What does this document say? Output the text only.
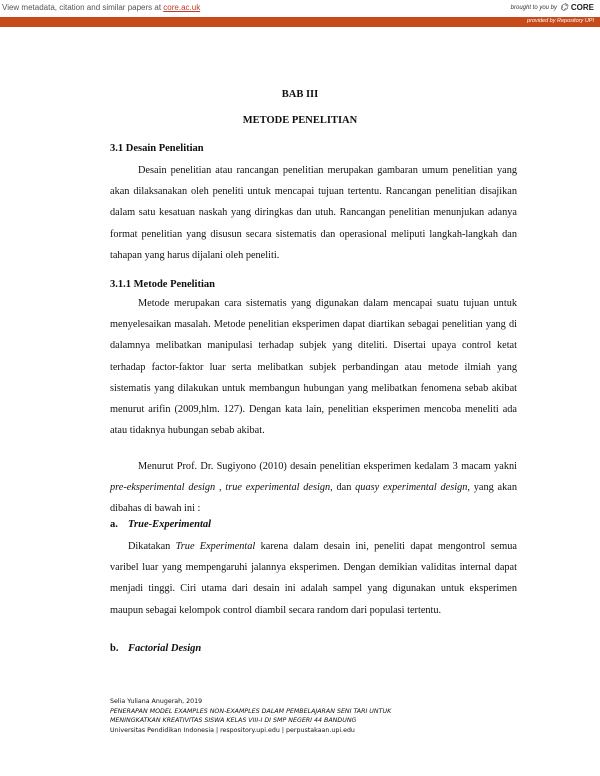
View metadata, citation and similar papers at core.ac.uk	brought to you by ⌬ CORE
provided by Repository UPI
BAB III
METODE PENELITIAN
3.1 Desain Penelitian
Desain penelitian atau rancangan penelitian merupakan gambaran umum penelitian yang akan dilaksanakan oleh peneliti untuk mencapai tujuan tertentu. Rancangan penelitian disajikan dalam satu kesatuan naskah yang diringkas dan utuh. Rancangan penelitian menunjukan adanya format penelitian yang disusun secara sistematis dan operasional meliputi langkah-langkah dan tahapan yang harus dijalani oleh peneliti.
3.1.1 Metode Penelitian
Metode merupakan cara sistematis yang digunakan dalam mencapai suatu tujuan untuk menyelesaikan masalah. Metode penelitian eksperimen dapat diartikan sebagai penelitian yang di dalamnya melibatkan manipulasi terhadap subjek yang diteliti. Disertai upaya control ketat terhadap factor-faktor luar serta melibatkan subjek perbandingan atau metode ilmiah yang sistematis yang dilakukan untuk membangun hubungan yang melibatkan fenomena sebab akibat menurut arifin (2009,hlm. 127). Dengan kata lain, penelitian eksperimen mencoba meneliti ada atau tidaknya hubungan sebab akibat.
Menurut Prof. Dr. Sugiyono (2010) desain penelitian eksperimen kedalam 3 macam yakni pre-eksperimental design , true experimental design, dan quasy experimental design, yang akan dibahas di bawah ini :
a. True-Experimental
Dikatakan True Experimental karena dalam desain ini, peneliti dapat mengontrol semua varibel luar yang mempengaruhi jalannya eksperimen. Dengan demikian validitas internal dapat menjadi tinggi. Ciri utama dari desain ini adalah sampel yang digunakan untuk eksperimen maupun sebagai kelompok control diambil secara random dari populasi tertentu.
b. Factorial Design
Selia Yuliana Anugerah, 2019
PENERAPAN MODEL EXAMPLES NON-EXAMPLES DALAM PEMBELAJARAN SENI TARI UNTUK
MENINGKATKAN KREATIVITAS SISWA KELAS VIII-I DI SMP NEGERI 44 BANDUNG
Universitas Pendidikan Indonesia | respository.upi.edu | perpustakaan.upi.edu
